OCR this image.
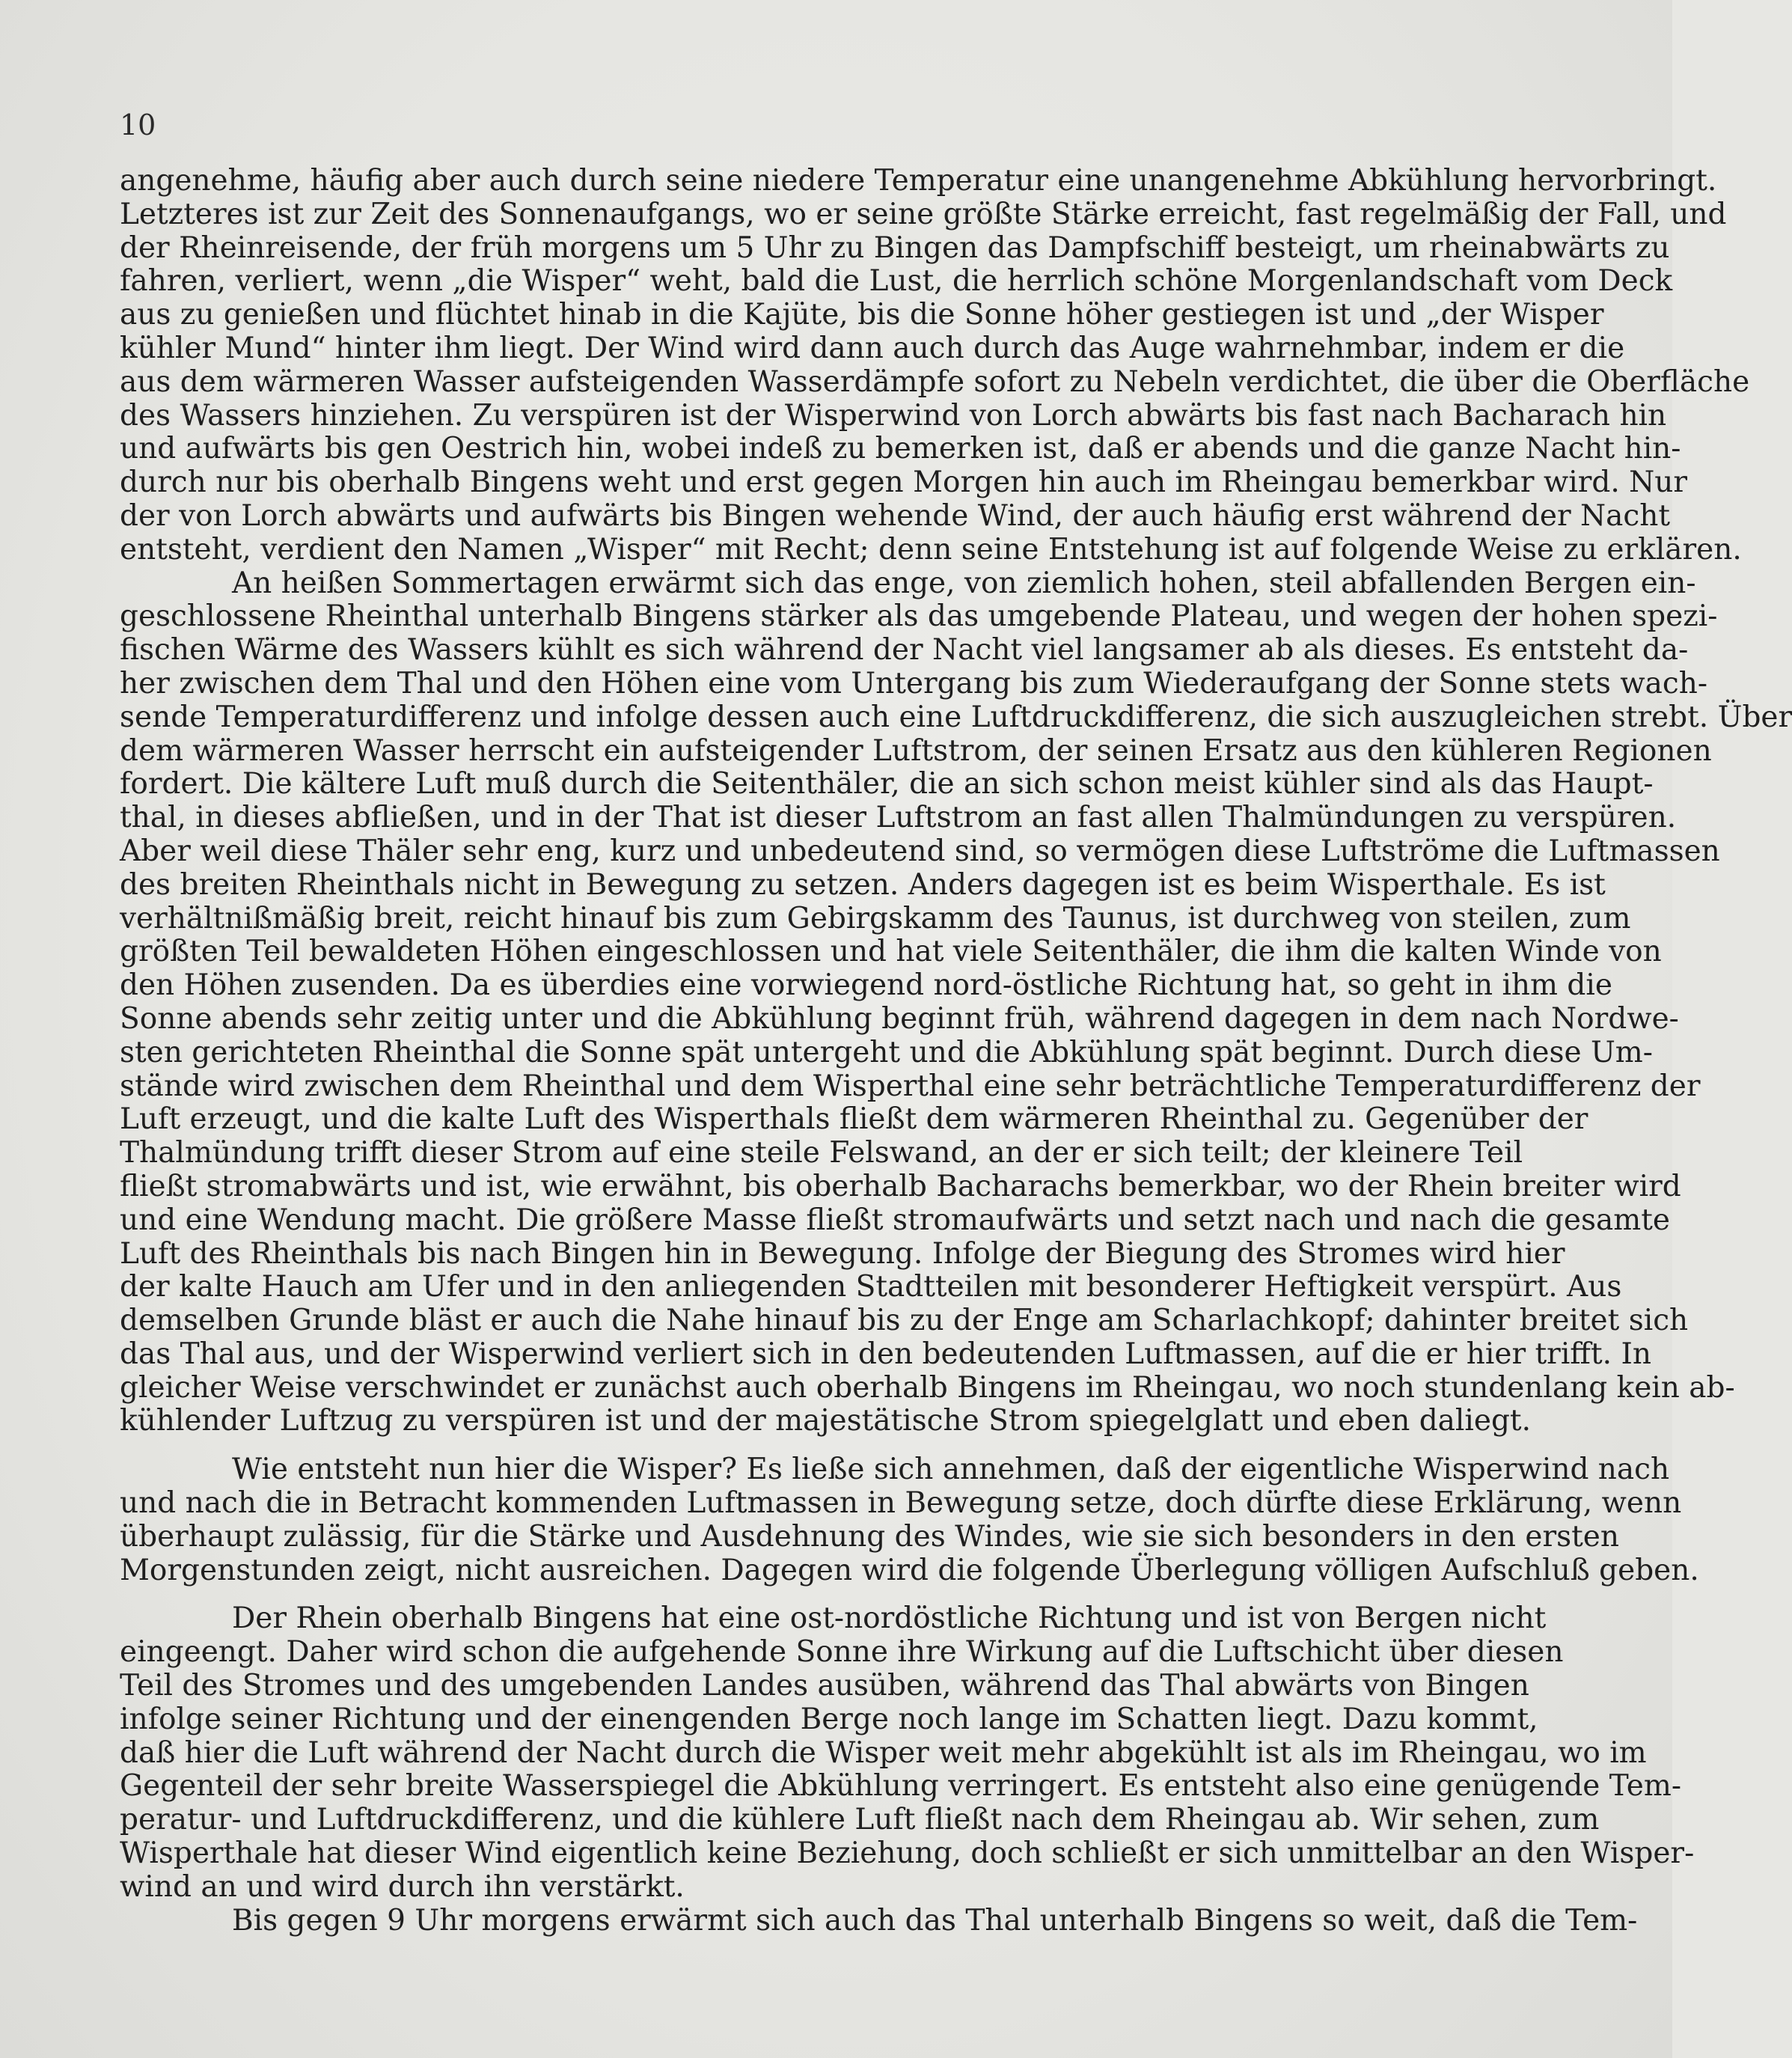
10
angenehme, häufig aber auch durch seine niedere Temperatur eine unangenehme Abkühlung hervorbringt.
Letzteres ist zur Zeit des Sonnenaufgangs, wo er seine größte Stärke erreicht, fast regelmäßig der Fall, und
der Rheinreisende, der früh morgens um 5 Uhr zu Bingen das Dampfschiff besteigt, um rheinabwärts zu
fahren, verliert, wenn „die Wisper“ weht, bald die Lust, die herrlich schöne Morgenlandschaft vom Deck
aus zu genießen und flüchtet hinab in die Kajüte, bis die Sonne höher gestiegen ist und „der Wisper
kühler Mund“ hinter ihm liegt. Der Wind wird dann auch durch das Auge wahrnehmbar, indem er die
aus dem wärmeren Wasser aufsteigenden Wasserdämpfe sofort zu Nebeln verdichtet, die über die Oberfläche
des Wassers hinziehen. Zu verspüren ist der Wisperwind von Lorch abwärts bis fast nach Bacharach hin
und aufwärts bis gen Oestrich hin, wobei indeß zu bemerken ist, daß er abends und die ganze Nacht hin-
durch nur bis oberhalb Bingens weht und erst gegen Morgen hin auch im Rheingau bemerkbar wird. Nur
der von Lorch abwärts und aufwärts bis Bingen wehende Wind, der auch häufig erst während der Nacht
entsteht, verdient den Namen „Wisper“ mit Recht; denn seine Entstehung ist auf folgende Weise zu erklären.
An heißen Sommertagen erwärmt sich das enge, von ziemlich hohen, steil abfallenden Bergen ein-
geschlossene Rheinthal unterhalb Bingens stärker als das umgebende Plateau, und wegen der hohen spezi-
fischen Wärme des Wassers kühlt es sich während der Nacht viel langsamer ab als dieses. Es entsteht da-
her zwischen dem Thal und den Höhen eine vom Untergang bis zum Wiederaufgang der Sonne stets wach-
sende Temperaturdifferenz und infolge dessen auch eine Luftdruckdifferenz, die sich auszugleichen strebt. Über
dem wärmeren Wasser herrscht ein aufsteigender Luftstrom, der seinen Ersatz aus den kühleren Regionen
fordert. Die kältere Luft muß durch die Seitenthäler, die an sich schon meist kühler sind als das Haupt-
thal, in dieses abfließen, und in der That ist dieser Luftstrom an fast allen Thalmündungen zu verspüren.
Aber weil diese Thäler sehr eng, kurz und unbedeutend sind, so vermögen diese Luftströme die Luftmassen
des breiten Rheinthals nicht in Bewegung zu setzen. Anders dagegen ist es beim Wisperthale. Es ist
verhältnißmäßig breit, reicht hinauf bis zum Gebirgskamm des Taunus, ist durchweg von steilen, zum
größten Teil bewaldeten Höhen eingeschlossen und hat viele Seitenthäler, die ihm die kalten Winde von
den Höhen zusenden. Da es überdies eine vorwiegend nord-östliche Richtung hat, so geht in ihm die
Sonne abends sehr zeitig unter und die Abkühlung beginnt früh, während dagegen in dem nach Nordwe-
sten gerichteten Rheinthal die Sonne spät untergeht und die Abkühlung spät beginnt. Durch diese Um-
stände wird zwischen dem Rheinthal und dem Wisperthal eine sehr beträchtliche Temperaturdifferenz der
Luft erzeugt, und die kalte Luft des Wisperthals fließt dem wärmeren Rheinthal zu. Gegenüber der
Thalmündung trifft dieser Strom auf eine steile Felswand, an der er sich teilt; der kleinere Teil
fließt stromabwärts und ist, wie erwähnt, bis oberhalb Bacharachs bemerkbar, wo der Rhein breiter wird
und eine Wendung macht. Die größere Masse fließt stromaufwärts und setzt nach und nach die gesamte
Luft des Rheinthals bis nach Bingen hin in Bewegung. Infolge der Biegung des Stromes wird hier
der kalte Hauch am Ufer und in den anliegenden Stadtteilen mit besonderer Heftigkeit verspürt. Aus
demselben Grunde bläst er auch die Nahe hinauf bis zu der Enge am Scharlachkopf; dahinter breitet sich
das Thal aus, und der Wisperwind verliert sich in den bedeutenden Luftmassen, auf die er hier trifft. In
gleicher Weise verschwindet er zunächst auch oberhalb Bingens im Rheingau, wo noch stundenlang kein ab-
kühlender Luftzug zu verspüren ist und der majestätische Strom spiegelglatt und eben daliegt.
Wie entsteht nun hier die Wisper? Es ließe sich annehmen, daß der eigentliche Wisperwind nach
und nach die in Betracht kommenden Luftmassen in Bewegung setze, doch dürfte diese Erklärung, wenn
überhaupt zulässig, für die Stärke und Ausdehnung des Windes, wie sie sich besonders in den ersten
Morgenstunden zeigt, nicht ausreichen. Dagegen wird die folgende Überlegung völligen Aufschluß geben.
Der Rhein oberhalb Bingens hat eine ost-nordöstliche Richtung und ist von Bergen nicht
eingeengt. Daher wird schon die aufgehende Sonne ihre Wirkung auf die Luftschicht über diesen
Teil des Stromes und des umgebenden Landes ausüben, während das Thal abwärts von Bingen
infolge seiner Richtung und der einengenden Berge noch lange im Schatten liegt. Dazu kommt,
daß hier die Luft während der Nacht durch die Wisper weit mehr abgekühlt ist als im Rheingau, wo im
Gegenteil der sehr breite Wasserspiegel die Abkühlung verringert. Es entsteht also eine genügende Tem-
peratur- und Luftdruckdifferenz, und die kühlere Luft fließt nach dem Rheingau ab. Wir sehen, zum
Wisperthale hat dieser Wind eigentlich keine Beziehung, doch schließt er sich unmittelbar an den Wisper-
wind an und wird durch ihn verstärkt.
Bis gegen 9 Uhr morgens erwärmt sich auch das Thal unterhalb Bingens so weit, daß die Tem-
